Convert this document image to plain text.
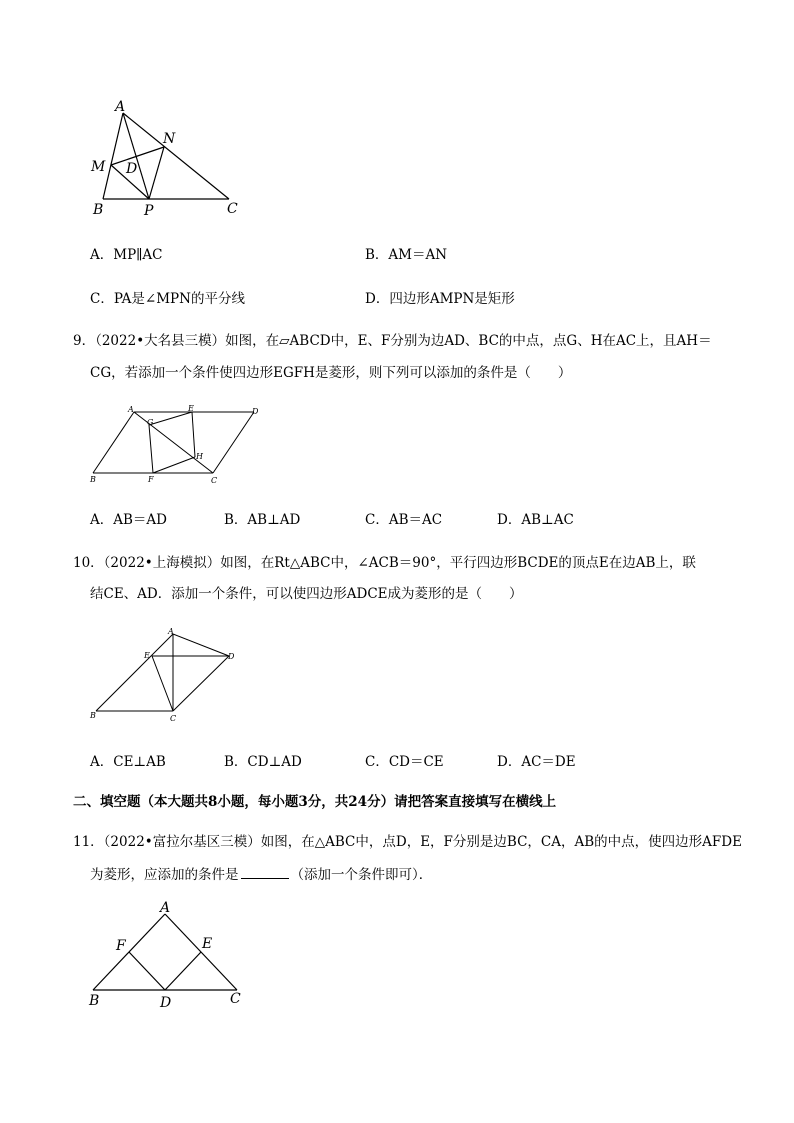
A
N
M D
B	P	C
A．MP∥AC	B．AM＝AN
C．PA是∠MPN的平分线	D．四边形AMPN是矩形
9．（2022•大名县三模）如图，在▱ABCD中，E、F分别为边AD、BC的中点，点G、H在AC上，且AH＝
CG，若添加一个条件使四边形EGFH是菱形，则下列可以添加的条件是（　　）
A	E	D
G
H
B	F	C
A．AB＝AD	B．AB⊥AD	C．AB＝AC	D．AB⊥AC
10．（2022•上海模拟）如图，在Rt△ABC中，∠ACB＝90°，平行四边形BCDE的顶点E在边AB上，联
结CE、AD．添加一个条件，可以使四边形ADCE成为菱形的是（　　）
A
E	D
B	C
A．CE⊥AB	B．CD⊥AD	C．CD＝CE	D．AC＝DE
二、填空题（本大题共8小题，每小题3分，共24分）请把答案直接填写在横线上
11．（2022•富拉尔基区三模）如图，在△ABC中，点D，E，F分别是边BC，CA，AB的中点，使四边形AFDE
为菱形，应添加的条件是	（添加一个条件即可）．
A
F	E
B	D	C
